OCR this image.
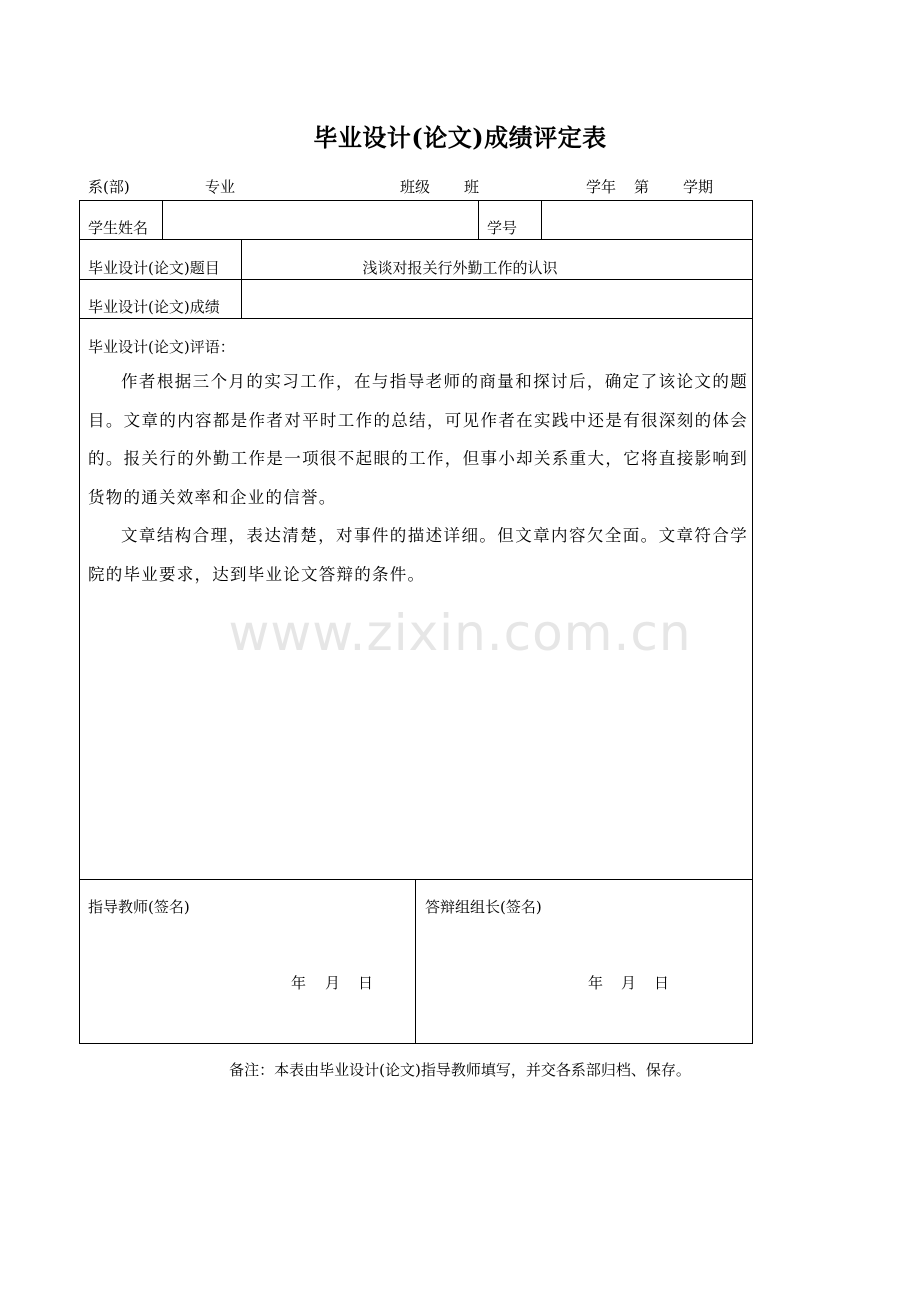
毕业设计(论文)成绩评定表
系(部)	专业	班级 班	学年 第 学期
学生姓名	学号
毕业设计(论文)题目	浅谈对报关行外勤工作的认识
毕业设计(论文)成绩
毕业设计(论文)评语：
www.zixin.com.cn
作者根据三个月的实习工作，在与指导老师的商量和探讨后，确定了该论文的题目。文章的内容都是作者对平时工作的总结，可见作者在实践中还是有很深刻的体会的。报关行的外勤工作是一项很不起眼的工作，但事小却关系重大，它将直接影响到货物的通关效率和企业的信誉。
文章结构合理，表达清楚，对事件的描述详细。但文章内容欠全面。文章符合学院的毕业要求，达到毕业论文答辩的条件。
指导教师(签名)
年 月 日
答辩组组长(签名)
年 月 日
备注：本表由毕业设计(论文)指导教师填写，并交各系部归档、保存。
